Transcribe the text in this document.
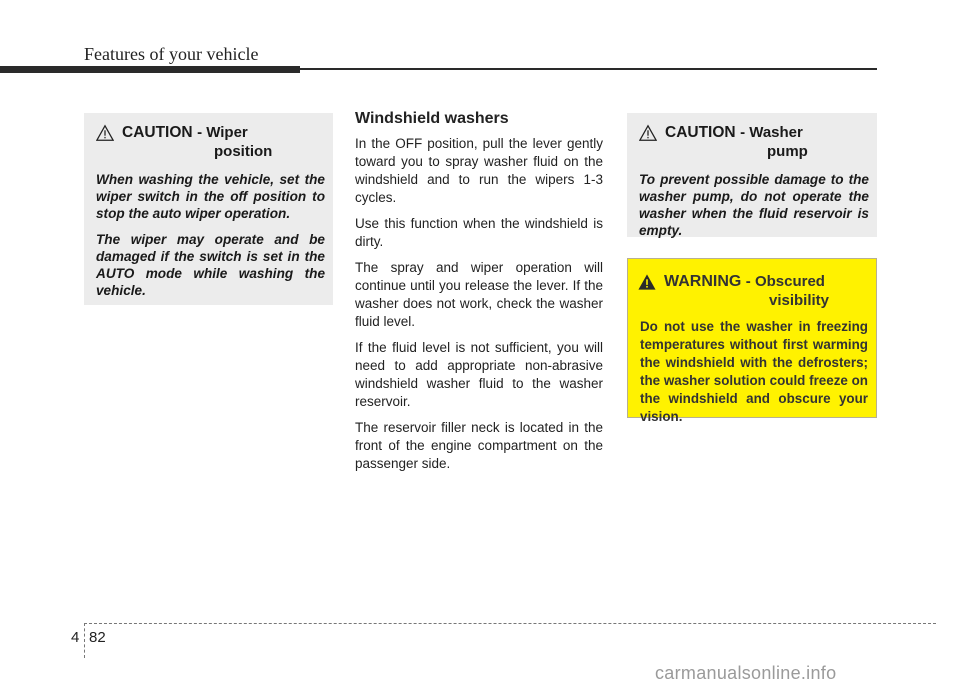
Features of your vehicle
CAUTION - Wiper
position

When washing the vehicle, set the wiper switch in the off position to stop the auto wiper operation.

The wiper may operate and be damaged if the switch is set in the AUTO mode while washing the vehicle.

Windshield washers

In the OFF position, pull the lever gently toward you to spray washer fluid on the windshield and to run the wipers 1-3 cycles.

Use this function when the windshield is dirty.

The spray and wiper operation will continue until you release the lever. If the washer does not work, check the washer fluid level.

If the fluid level is not sufficient, you will need to add appropriate non-abrasive windshield washer fluid to the washer reservoir.

The reservoir filler neck is located in the front of the engine compartment on the passenger side.

CAUTION - Washer
pump

To prevent possible damage to the washer pump, do not operate the washer when the fluid reservoir is empty.

WARNING - Obscured
visibility

Do not use the washer in freezing temperatures without first warming the windshield with the defrosters; the washer solution could freeze on the windshield and obscure your vision.

4 82
carmanualsonline.info
